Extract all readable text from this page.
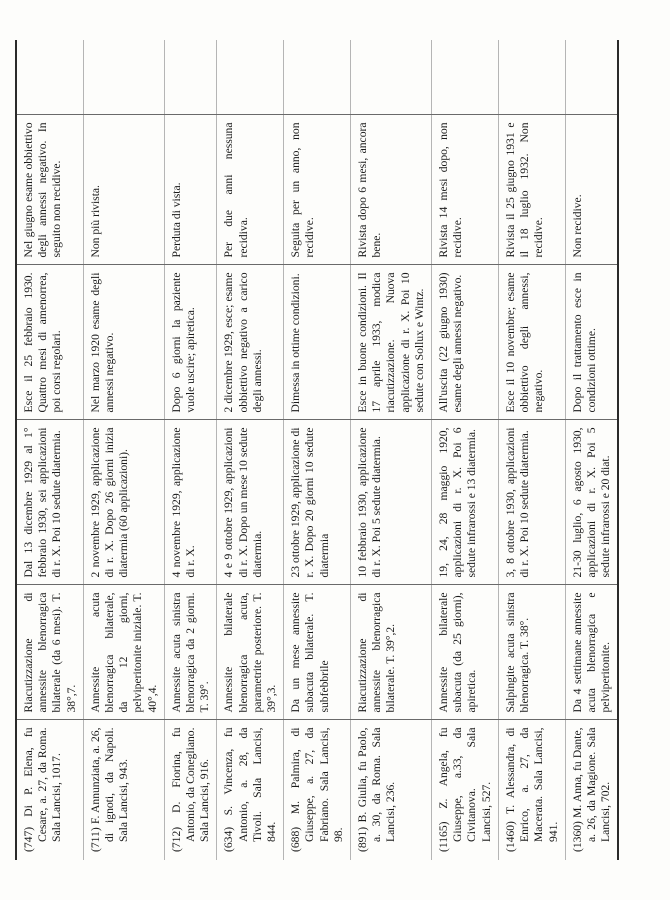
(747) Di P. Elena, fu Cesare, a. 27, da Roma. Sala Lancisi, 1017.	Riacutizzazione di annessite blenorragica bilaterale (da 6 mesi). T. 38°,7.	Dal 13 dicembre 1929 al 1° febbraio 1930, sei applicazioni di r. X. Poi 10 sedute diatermia.	Esce il 25 febbraio 1930. Quattro mesi di amenorrea, poi corsi regolari.	Nel giugno esame obbiettivo degli annessi negativo. In seguito non recidive.	
(711) F. Annunziata, a. 26, di ignoti, da Napoli. Sala Lancisi, 943.	Annessite acuta blenorragica bilaterale, da 12 giorni, pelviperitonite iniziale. T. 40°,4.	2 novembre 1929, applicazione di r. X. Dopo 26 giorni inizia diatermia (60 applicazioni).	Nel marzo 1920 esame degli annessi negativo.	Non più rivista.	
(712) D. Fiorina, fu Antonio, da Conegliano. Sala Lancisi, 916.	Annessite acuta sinistra blenorragica da 2 giorni. T. 39°.	4 novembre 1929, applicazione di r. X.	Dopo 6 giorni la paziente vuole uscire; apiretica.	Perduta di vista.	
(634) S. Vincenza, fu Antonio, a. 28, da Tivoli. Sala Lancisi, 844.	Annessite bilaterale blenorragica acuta, parametrite posteriore. T. 39°,3.	4 e 9 ottobre 1929, applicazioni di r. X. Dopo un mese 10 sedute diatermia.	2 dicembre 1929, esce; esame obbiettivo negativo a carico degli annessi.	Per due anni nessuna recidiva.	
(688) M. Palmira, di Giuseppe, a. 27, da Fabriano. Sala Lancisi, 98.	Da un mese annessite subacuta bilaterale. T. subfebbrile	23 ottobre 1929, applicazione di r. X. Dopo 20 giorni 10 sedute diatermia	Dimessa in ottime condizioni.	Seguita per un anno, non recidive.	
(891) B. Giulia, fu Paolo, a. 30, da Roma. Sala Lancisi, 236.	Riacutizzazione di annessite blenorragica bilaterale. T. 39°,2.	10 febbraio 1930, applicazione di r. X. Poi 5 sedute diatermia.	Esce in buone condizioni. Il 17 aprile 1933, modica riacutizzazione. Nuova applicazione di r. X. Poi 10 sedute con Sollux e Wintz.	Rivista dopo 6 mesi, ancora bene.	
(1165) Z. Angela, fu Giuseppe, a.33, da Civitanova. Sala Lancisi, 527.	Annessite bilaterale subacuta (da 25 giorni), apiretica.	19, 24, 28 maggio 1920, applicazioni di r. X. Poi 6 sedute infrarossi e 13 diatermia.	All'uscita (22 giugno 1930) esame degli annessi negativo.	Rivista 14 mesi dopo, non recidive.	
(1460) T. Alessandra, di Enrico, a. 27, da Macerata. Sala Lancisi, 941.	Salpingite acuta sinistra blenorragica. T. 38°.	3, 8 ottobre 1930, applicazioni di r. X. Poi 10 sedute diatermia.	Esce il 10 novembre; esame obbiettivo degli annessi, negativo.	Rivista il 25 giugno 1931 e il 18 luglio 1932. Non recidive.	
(1360) M. Anna, fu Dante, a. 26, da Magione. Sala Lancisi, 702.	Da 4 settimane annessite acuta blenorragica e pelviperitonite.	21-30 luglio, 6 agosto 1930, applicazioni di r. X. Poi 5 sedute infrarossi e 20 diat.	Dopo il trattamento esce in condizioni ottime.	Non recidive.	
